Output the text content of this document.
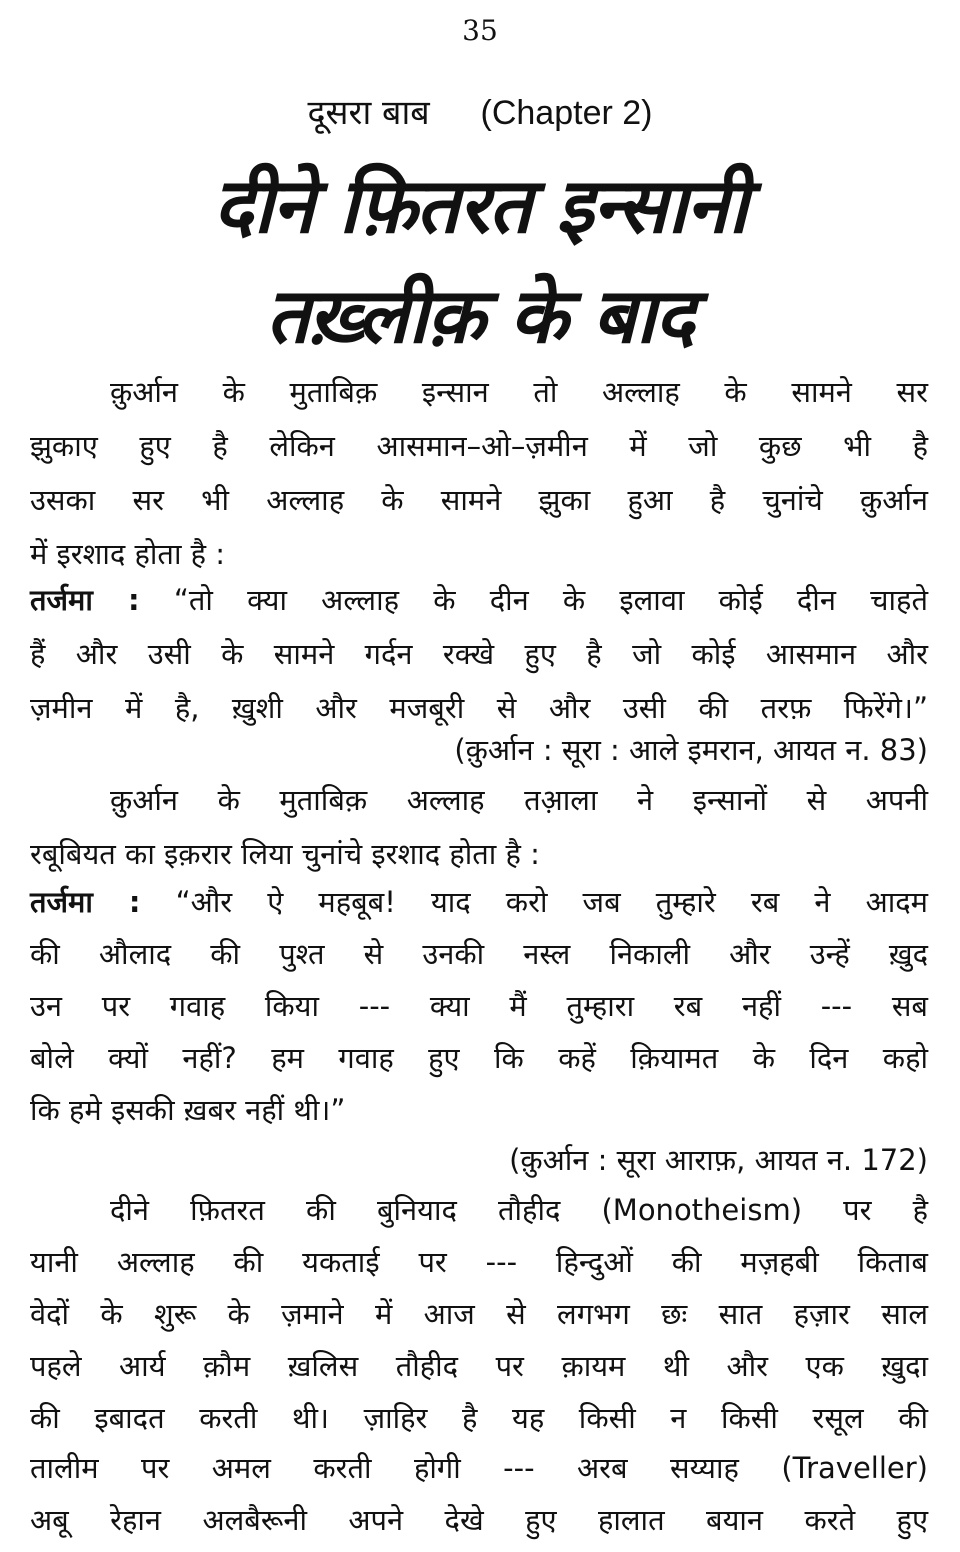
35
दूसरा बाब (Chapter 2)
दीने फ़ितरत इन्सानी
तख़्लीक़ के बाद
क़ुर्आन के मुताबिक़ इन्सान तो अल्लाह के सामने सर
झुकाए हुए है लेकिन आसमान–ओ–ज़मीन में जो कुछ भी है
उसका सर भी अल्लाह के सामने झुका हुआ है चुनांचे क़ुर्आन
में इरशाद होता है :
तर्जमा : “तो क्या अल्लाह के दीन के इलावा कोई दीन चाहते
हैं और उसी के सामने गर्दन रक्खे हुए है जो कोई आसमान और
ज़मीन में है, ख़ुशी और मजबूरी से और उसी की तरफ़ फिरेंगे।”
(क़ुर्आन : सूरा : आले इमरान, आयत न. 83)
क़ुर्आन के मुताबिक़ अल्लाह तआ़ला ने इन्सानों से अपनी
रबूबियत का इक़रार लिया चुनांचे इरशाद होता है :
तर्जमा : “और ऐ महबूब! याद करो जब तुम्हारे रब ने आदम
की औलाद की पुश्त से उनकी नस्ल निकाली और उन्हें ख़ुद
उन पर गवाह किया --- क्या मैं तुम्हारा रब नहीं --- सब
बोले क्यों नहीं? हम गवाह हुए कि कहें क़ियामत के दिन कहो
कि हमे इसकी ख़बर नहीं थी।”
(क़ुर्आन : सूरा आराफ़, आयत न. 172)
दीने फ़ितरत की बुनियाद तौहीद (Monotheism) पर है
यानी अल्लाह की यकताई पर --- हिन्दुओं की मज़हबी किताब
वेदों के शुरू के ज़माने में आज से लगभग छः सात हज़ार साल
पहले आर्य क़ौम ख़लिस तौहीद पर क़ायम थी और एक ख़ुदा
की इबादत करती थी। ज़ाहिर है यह किसी न किसी रसूल की
तालीम पर अमल करती होगी --- अरब सय्याह (Traveller)
अबू रेहान अलबैरूनी अपने देखे हुए हालात बयान करते हुए
